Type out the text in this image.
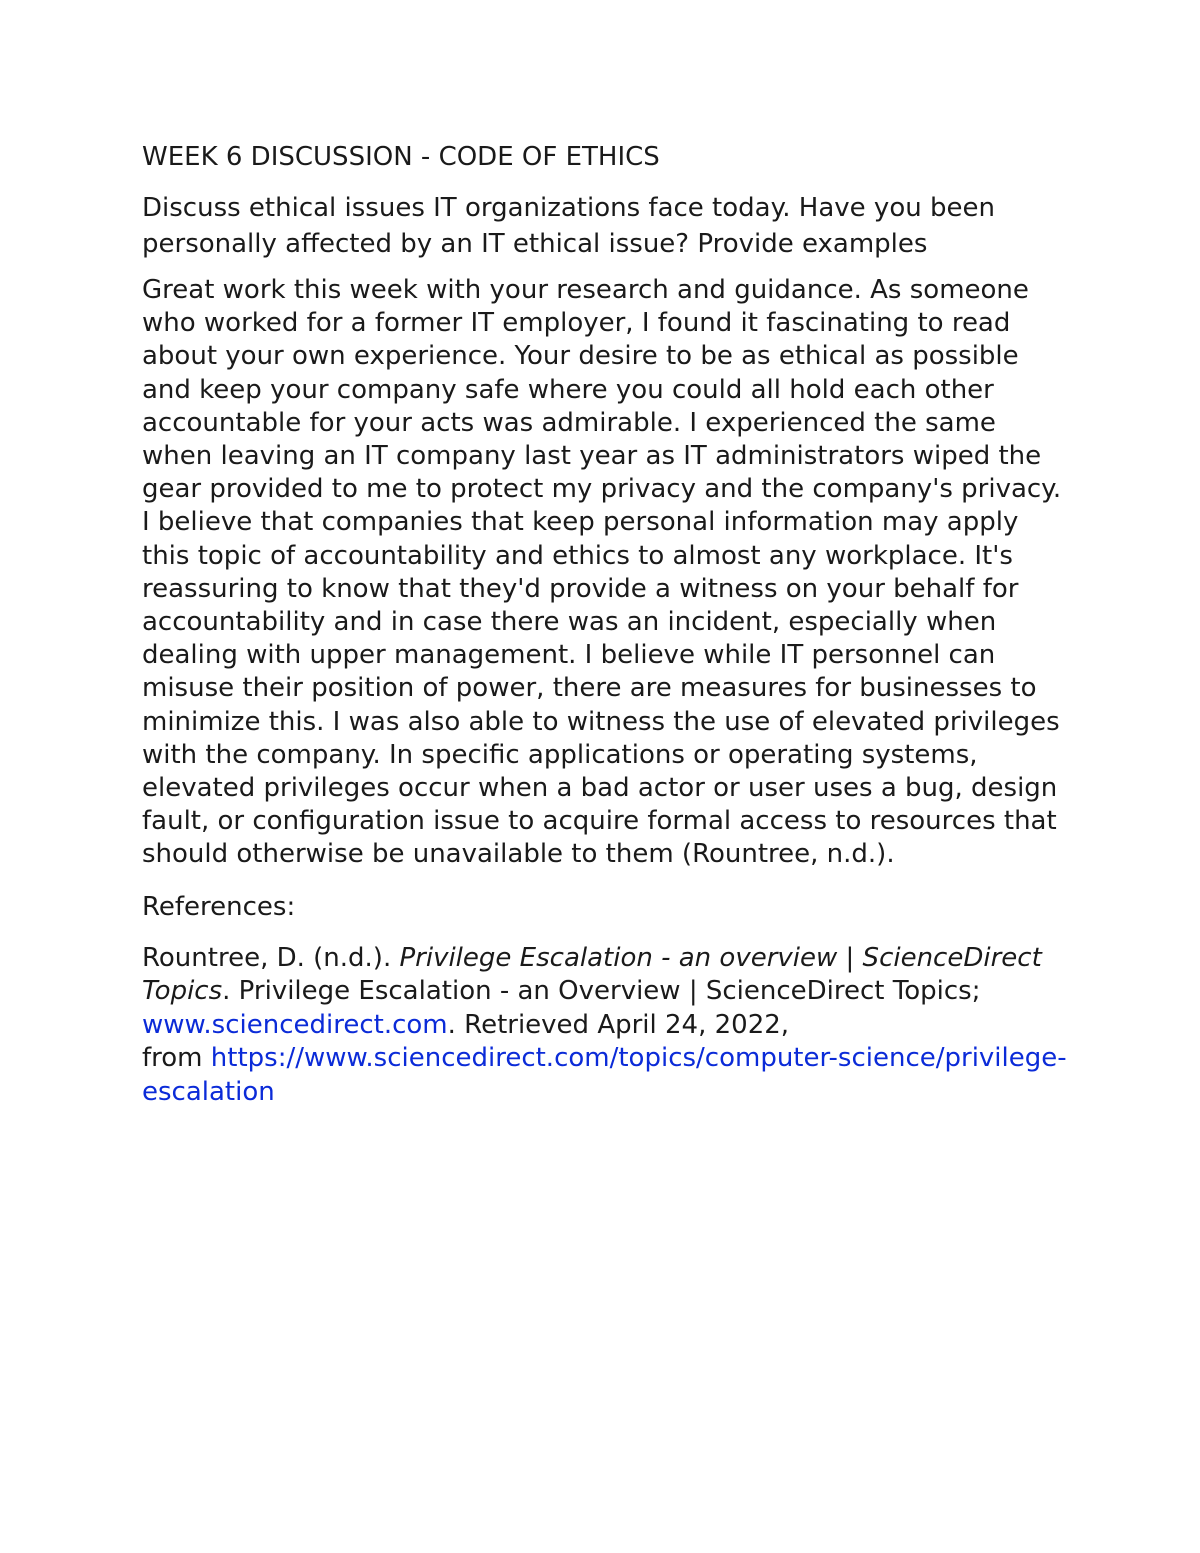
WEEK 6 DISCUSSION - CODE OF ETHICS

Discuss ethical issues IT organizations face today. Have you been personally affected by an IT ethical issue? Provide examples

Great work this week with your research and guidance. As someone who worked for a former IT employer, I found it fascinating to read about your own experience. Your desire to be as ethical as possible and keep your company safe where you could all hold each other accountable for your acts was admirable. I experienced the same when leaving an IT company last year as IT administrators wiped the gear provided to me to protect my privacy and the company's privacy. I believe that companies that keep personal information may apply this topic of accountability and ethics to almost any workplace. It's reassuring to know that they'd provide a witness on your behalf for accountability and in case there was an incident, especially when dealing with upper management. I believe while IT personnel can misuse their position of power, there are measures for businesses to minimize this. I was also able to witness the use of elevated privileges with the company. In specific applications or operating systems, elevated privileges occur when a bad actor or user uses a bug, design fault, or configuration issue to acquire formal access to resources that should otherwise be unavailable to them (Rountree, n.d.).

References:

Rountree, D. (n.d.). Privilege Escalation - an overview | ScienceDirect Topics. Privilege Escalation - an Overview | ScienceDirect Topics; www.sciencedirect.com. Retrieved April 24, 2022,
from https://www.sciencedirect.com/topics/computer-science/privilege-escalation
